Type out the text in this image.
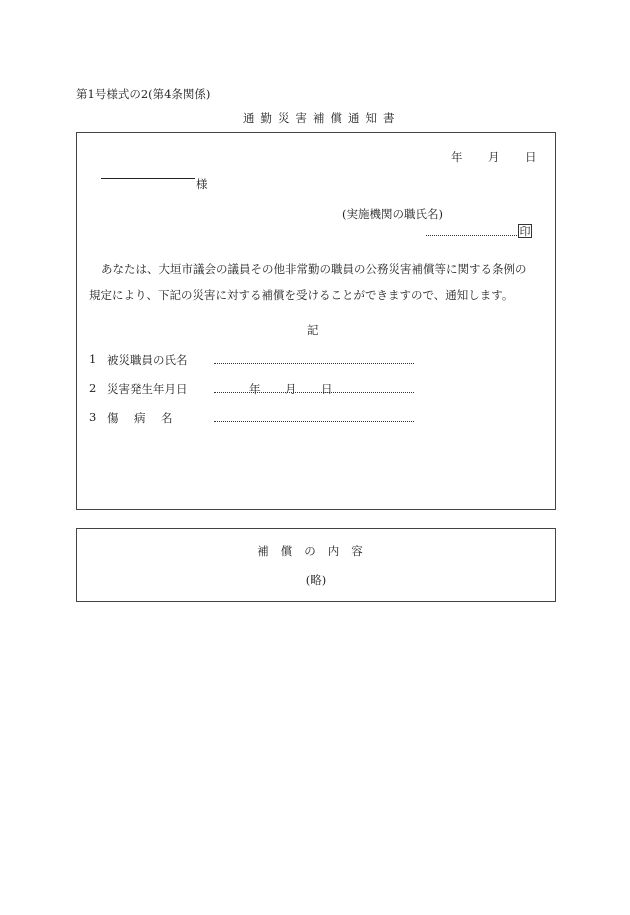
第1号様式の2(第4条関係)
通勤災害補償通知書
年 月 日
様
(実施機関の職氏名)
印
あなたは、大垣市議会の議員その他非常勤の職員の公務災害補償等に関する条例の
規定により、下記の災害に対する補償を受けることができますので、通知します。
記
1 被災職員の氏名
2 災害発生年月日	年 月 日
3 傷　病　名
補償の内容
(略)
